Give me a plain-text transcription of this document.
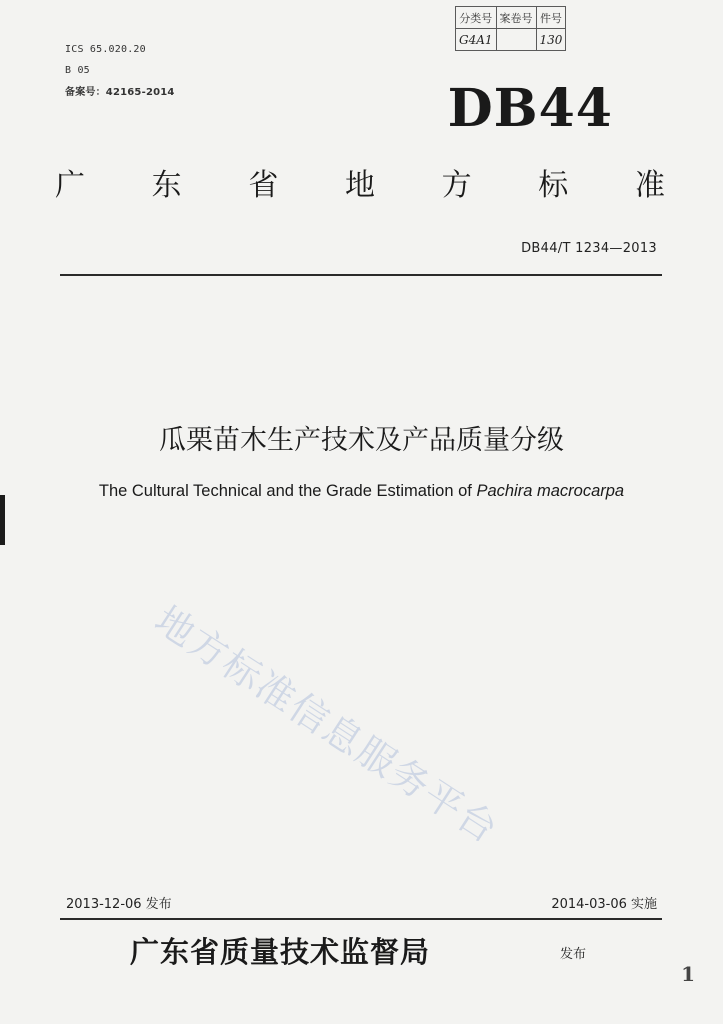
ICS 65.020.20
B 05
备案号：42165-2014
分类号	案卷号	件号
G4A1		130
DB44
广 东 省 地 方 标 准
DB44/T 1234—2013
瓜栗苗木生产技术及产品质量分级
The Cultural Technical and the Grade Estimation of Pachira macrocarpa
地方标准信息服务平台
2013-12-06 发布	2014-03-06 实施
广东省质量技术监督局	发布
1
